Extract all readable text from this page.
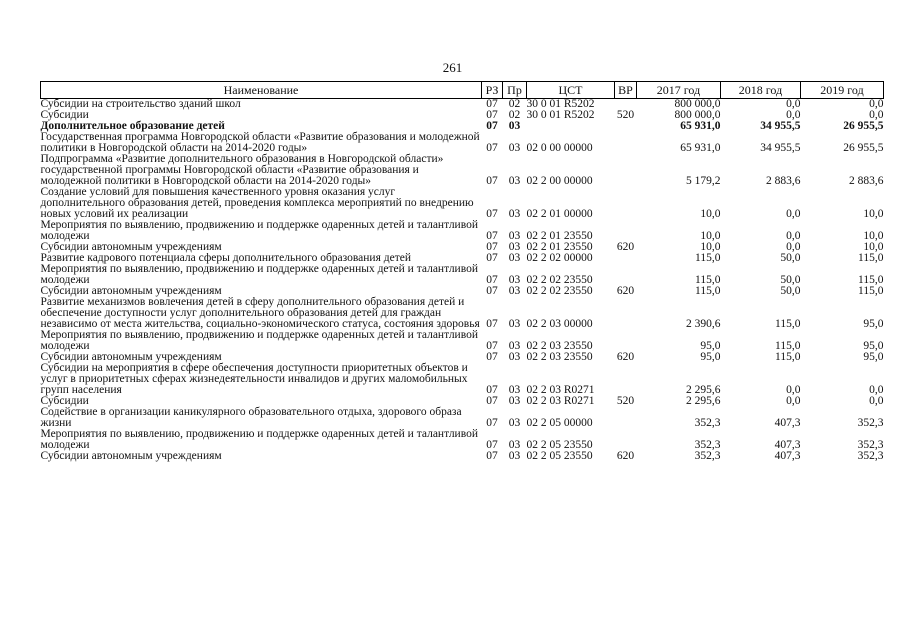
261
Наименование	РЗ	Пр	ЦСТ	ВР	2017 год	2018 год	2019 год
Субсидии на строительство зданий школ	07	02	30 0 01 R5202		800 000,0	0,0	0,0
Субсидии	07	02	30 0 01 R5202	520	800 000,0	0,0	0,0
Дополнительное образование детей	07	03			65 931,0	34 955,5	26 955,5
Государственная программа Новгородской области «Развитие образования и молодежной политики в Новгородской области на 2014-2020 годы»	07	03	02 0 00 00000		65 931,0	34 955,5	26 955,5
Подпрограмма «Развитие дополнительного образования в Новгородской области» государственной программы Новгородской области «Развитие образования и молодежной политики в Новгородской области на 2014-2020 годы»	07	03	02 2 00 00000		5 179,2	2 883,6	2 883,6
Создание условий для повышения качественного уровня оказания услуг дополнительного образования детей, проведения комплекса мероприятий по внедрению новых условий их реализации	07	03	02 2 01 00000		10,0	0,0	10,0
Мероприятия по выявлению, продвижению и поддержке одаренных детей и талантливой молодежи	07	03	02 2 01 23550		10,0	0,0	10,0
Субсидии автономным учреждениям	07	03	02 2 01 23550	620	10,0	0,0	10,0
Развитие кадрового потенциала сферы дополнительного образования детей	07	03	02 2 02 00000		115,0	50,0	115,0
Мероприятия по выявлению, продвижению и поддержке одаренных детей и талантливой молодежи	07	03	02 2 02 23550		115,0	50,0	115,0
Субсидии автономным учреждениям	07	03	02 2 02 23550	620	115,0	50,0	115,0
Развитие механизмов вовлечения детей в сферу дополнительного образования детей и обеспечение доступности услуг дополнительного образования детей для граждан независимо от места жительства, социально-экономического статуса, состояния здоровья	07	03	02 2 03 00000		2 390,6	115,0	95,0
Мероприятия по выявлению, продвижению и поддержке одаренных детей и талантливой молодежи	07	03	02 2 03 23550		95,0	115,0	95,0
Субсидии автономным учреждениям	07	03	02 2 03 23550	620	95,0	115,0	95,0
Субсидии на мероприятия в сфере обеспечения доступности приоритетных объектов и услуг в приоритетных сферах жизнедеятельности инвалидов и других маломобильных групп населения	07	03	02 2 03 R0271		2 295,6	0,0	0,0
Субсидии	07	03	02 2 03 R0271	520	2 295,6	0,0	0,0
Содействие в организации каникулярного образовательного отдыха, здорового образа жизни	07	03	02 2 05 00000		352,3	407,3	352,3
Мероприятия по выявлению, продвижению и поддержке одаренных детей и талантливой молодежи	07	03	02 2 05 23550		352,3	407,3	352,3
Субсидии автономным учреждениям	07	03	02 2 05 23550	620	352,3	407,3	352,3
